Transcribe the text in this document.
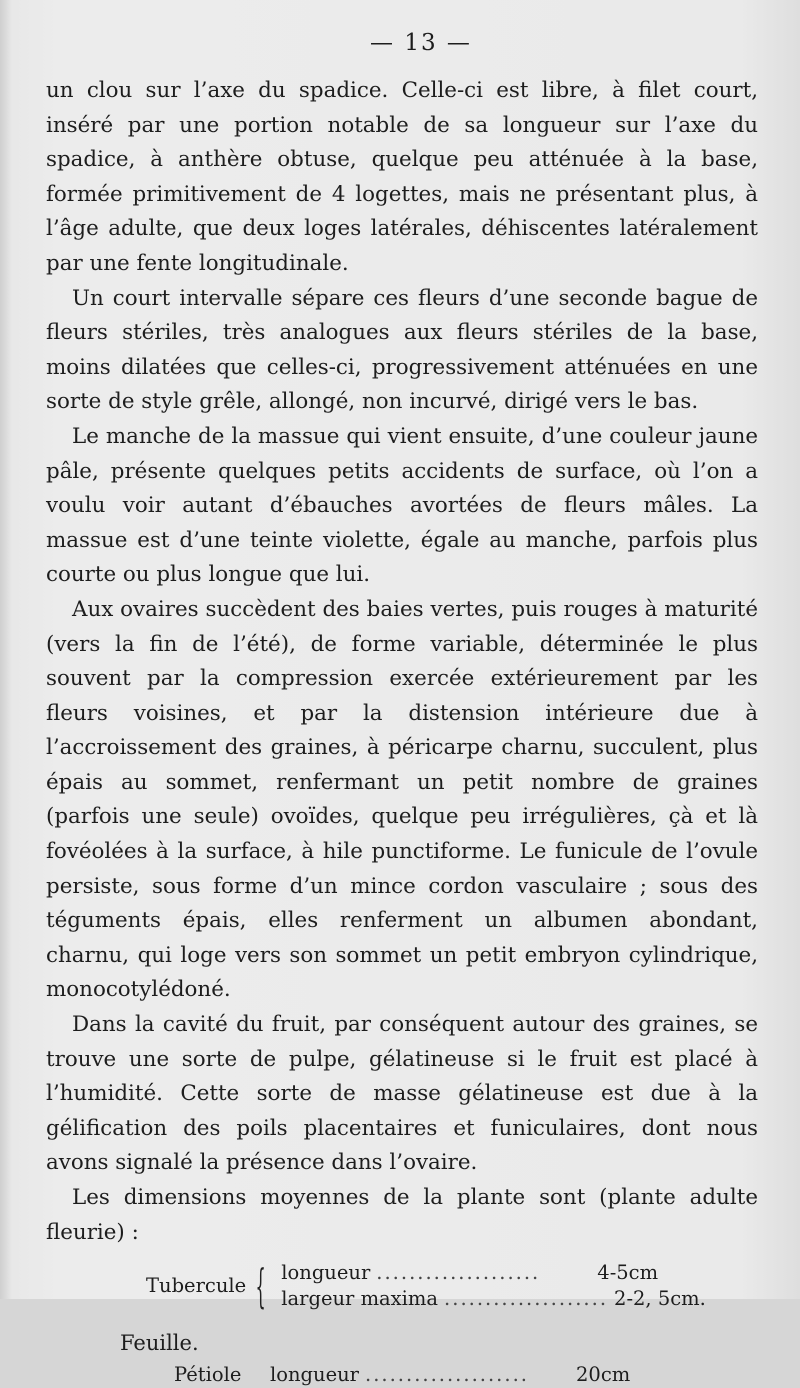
— 13 —

un clou sur l’axe du spadice. Celle-ci est libre, à filet court, inséré par une portion notable de sa longueur sur l’axe du spadice, à anthère obtuse, quelque peu atténuée à la base, formée primitivement de 4 logettes, mais ne présentant plus, à l’âge adulte, que deux loges latérales, déhiscentes latéralement par une fente longitudinale.

Un court intervalle sépare ces fleurs d’une seconde bague de fleurs stériles, très analogues aux fleurs stériles de la base, moins dilatées que celles-ci, progressivement atténuées en une sorte de style grêle, allongé, non incurvé, dirigé vers le bas.

Le manche de la massue qui vient ensuite, d’une couleur jaune pâle, présente quelques petits accidents de surface, où l’on a voulu voir autant d’ébauches avortées de fleurs mâles. La massue est d’une teinte violette, égale au manche, parfois plus courte ou plus longue que lui.

Aux ovaires succèdent des baies vertes, puis rouges à maturité (vers la fin de l’été), de forme variable, déterminée le plus souvent par la compression exercée extérieurement par les fleurs voisines, et par la distension intérieure due à l’accroissement des graines, à péricarpe charnu, succulent, plus épais au sommet, renfermant un petit nombre de graines (parfois une seule) ovoïdes, quelque peu irrégulières, çà et là fovéolées à la surface, à hile punctiforme. Le funicule de l’ovule persiste, sous forme d’un mince cordon vasculaire ; sous des téguments épais, elles renferment un albumen abondant, charnu, qui loge vers son sommet un petit embryon cylindrique, monocotylédoné.

Dans la cavité du fruit, par conséquent autour des graines, se trouve une sorte de pulpe, gélatineuse si le fruit est placé à l’humidité. Cette sorte de masse gélatineuse est due à la gélification des poils placentaires et funiculaires, dont nous avons signalé la présence dans l’ovaire.

Les dimensions moyennes de la plante sont (plante adulte fleurie) :

Tubercule { longueur ....................	4-5cm
largeur maxima .................... 2-2, 5cm.
Feuille.
Pétiole	longueur ....................	20cm
